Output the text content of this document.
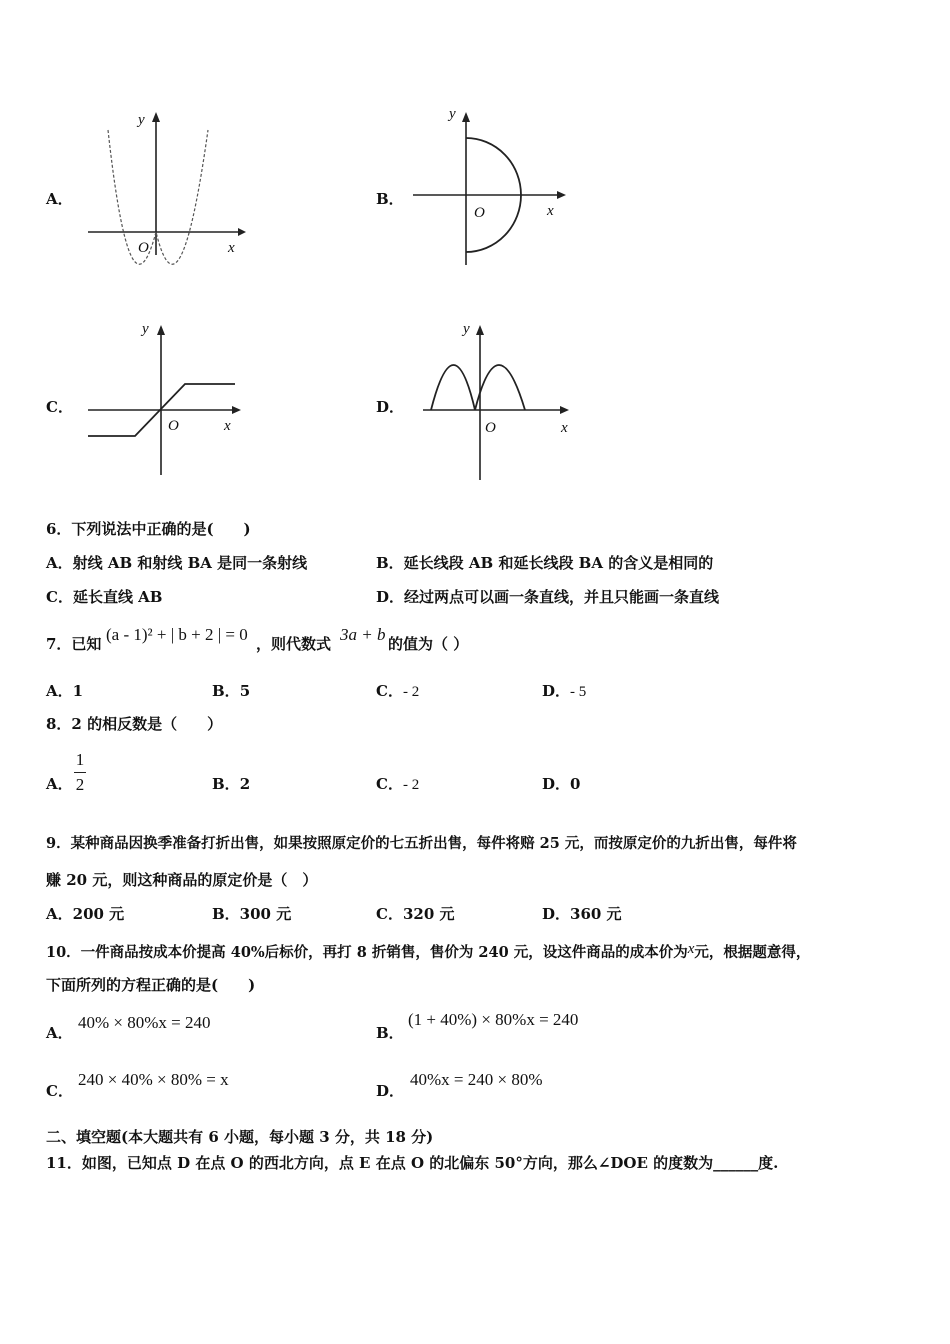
A．
y
x
O
B．
y
x
O
C．
y
x
O
D．
y
x
O
6．下列说法中正确的是(　　)
A．射线 AB 和射线 BA 是同一条射线	B．延长线段 AB 和延长线段 BA 的含义是相同的
C．延长直线 AB	D．经过两点可以画一条直线，并且只能画一条直线
7．已知 (a - 1)² + | b + 2 | = 0 ，则代数式 3a + b 的值为（ ）
A．1	B．5	C．- 2	D．- 5
8．2 的相反数是（　　）
A．
1
2	B．2	C．- 2	D．0
9．某种商品因换季准备打折出售，如果按照原定价的七五折出售，每件将赔 25 元，而按原定价的九折出售，每件将
赚 20 元，则这种商品的原定价是（　）
A．200 元	B．300 元	C．320 元	D．360 元
10．一件商品按成本价提高 40%后标价，再打 8 折销售，售价为 240 元，设这件商品的成本价为x元，根据题意得，
下面所列的方程正确的是(　　)
A．
40% × 80%x = 240
B．
(1 + 40%) × 80%x = 240
C．
240 × 40% × 80% = x
D．
40%x = 240 × 80%
二、填空题(本大题共有 6 小题，每小题 3 分，共 18 分)
11．如图，已知点 D 在点 O 的西北方向，点 E 在点 O 的北偏东 50°方向，那么∠DOE 的度数为______度.
